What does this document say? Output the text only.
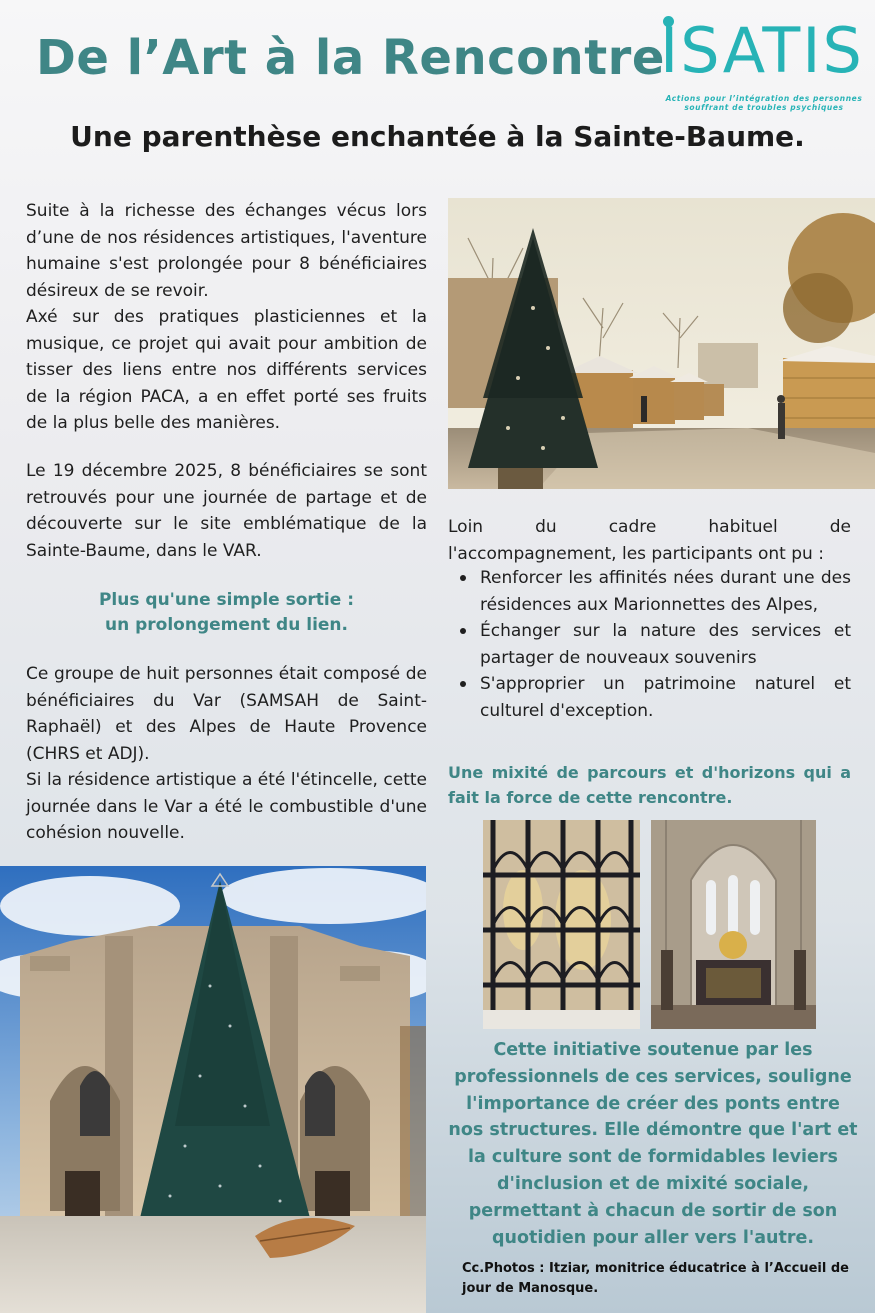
De l’Art à la Rencontre
ISATIS
Actions pour l’intégration des personnes
souffrant de troubles psychiques
Une parenthèse enchantée à la Sainte-Baume.
Suite à la richesse des échanges vécus lors d’une de nos résidences artistiques, l'aventure humaine s'est prolongée pour 8 bénéficiaires désireux de se revoir.
Axé sur des pratiques plasticiennes et la musique, ce projet qui avait pour ambition de tisser des liens entre nos différents services de la région PACA, a en effet porté ses fruits de la plus belle des manières.
Le 19 décembre 2025, 8 bénéficiaires se sont retrouvés pour une journée de partage et de découverte sur le site emblématique de la Sainte-Baume, dans le VAR.
Plus qu'une simple sortie :
un prolongement du lien.
Ce groupe de huit personnes était composé de bénéficiaires du Var (SAMSAH de Saint-Raphaël) et des Alpes de Haute Provence (CHRS et ADJ).
Si la résidence artistique a été l'étincelle, cette journée dans le Var a été le combustible d'une cohésion nouvelle.
Loin du cadre habituel de
l'accompagnement, les participants ont pu :
Renforcer les affinités nées durant une des résidences aux Marionnettes des Alpes,
Échanger sur la nature des services et partager de nouveaux souvenirs
S'approprier un patrimoine naturel et culturel d'exception.
Une mixité de parcours et d'horizons qui a fait la force de cette rencontre.
Cette initiative soutenue par les
professionnels de ces services, souligne
l'importance de créer des ponts entre
nos structures. Elle démontre que l'art et
la culture sont de formidables leviers
d'inclusion et de mixité sociale,
permettant à chacun de sortir de son
quotidien pour aller vers l'autre.
Cc.Photos : Itziar, monitrice éducatrice à l’Accueil de jour de Manosque.
